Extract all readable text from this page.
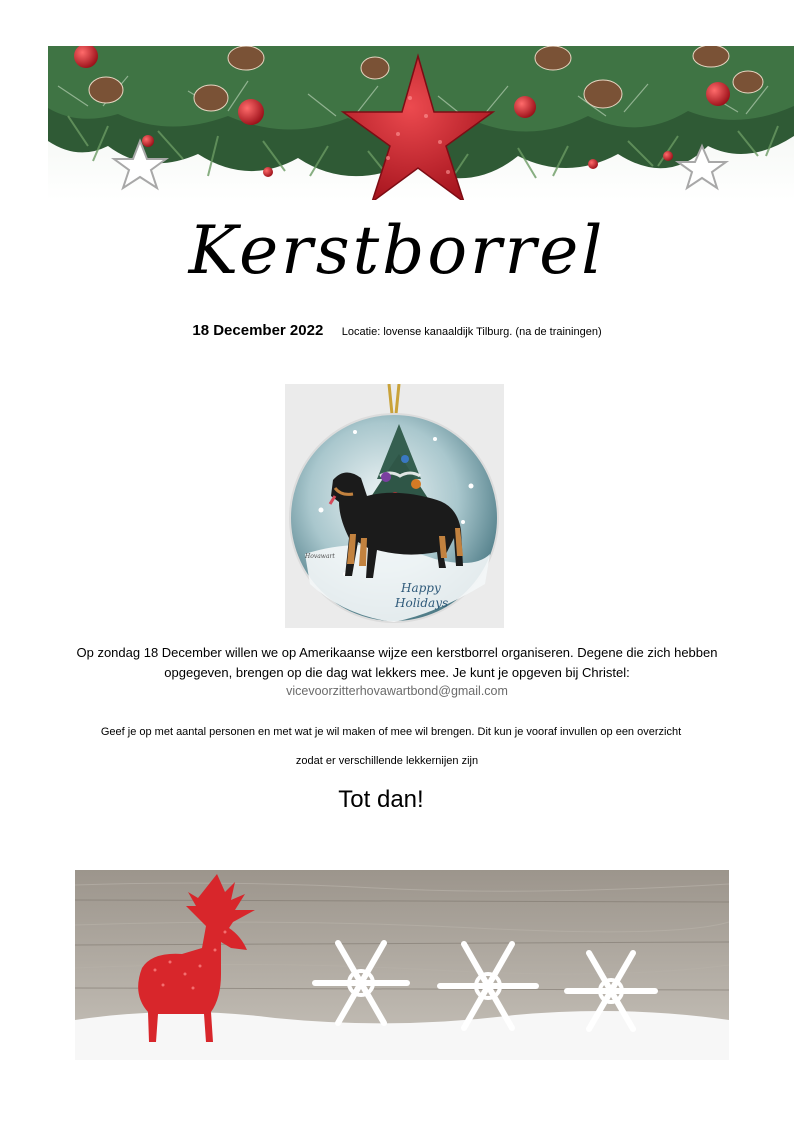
Kerstborrel
18 December 2022 Locatie: lovense kanaaldijk Tilburg. (na de trainingen)
Hovawart
Happy
Holidays
Op zondag 18 December willen we op Amerikaanse wijze een kerstborrel organiseren. Degene die zich hebben opgegeven, brengen op die dag wat lekkers mee. Je kunt je opgeven bij Christel:
vicevoorzitterhovawartbond@gmail.com
Geef je op met aantal personen en met wat je wil maken of mee wil brengen. Dit kun je vooraf invullen op een overzicht
zodat er verschillende lekkernijen zijn
Tot dan!
